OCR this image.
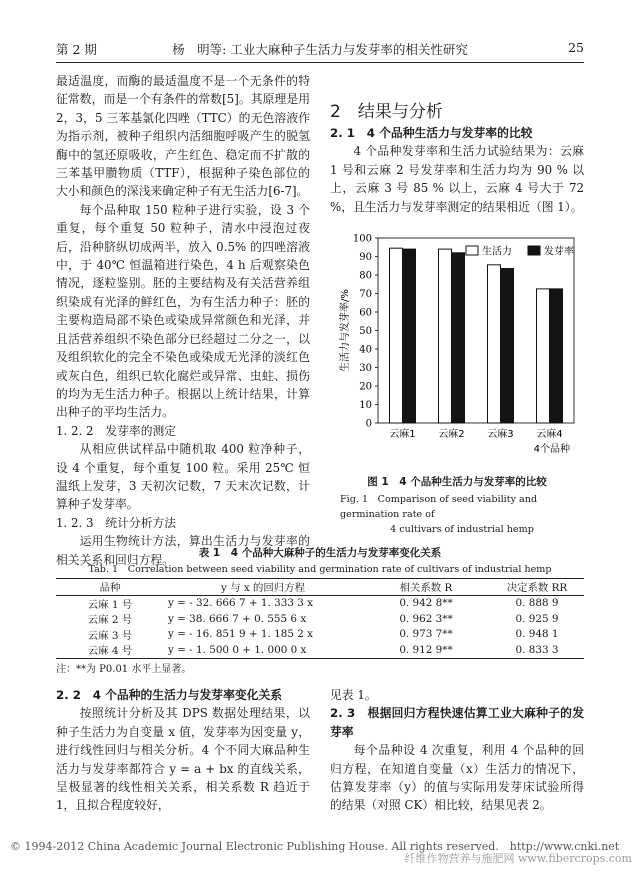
第 2 期	杨　明等: 工业大麻种子生活力与发芽率的相关性研究	25

最适温度，而酶的最适温度不是一个无条件的特征常数，而是一个有条件的常数[5]。其原理是用 2，3，5 三苯基氯化四唑（TTC）的无色溶液作为指示剂，被种子组织内活细胞呼吸产生的脱氢酶中的氢还原吸收，产生红色、稳定而不扩散的三苯基甲臜物质（TTF），根据种子染色部位的大小和颜色的深浅来确定种子有无生活力[6-7]。

每个品种取 150 粒种子进行实验，设 3 个重复，每个重复 50 粒种子，清水中浸泡过夜后，沿种脐纵切成两半，放入 0.5% 的四唑溶液中，于 40℃ 恒温箱进行染色，4 h 后观察染色情况，逐粒鉴别。胚的主要结构及有关活营养组织染成有光泽的鲜红色，为有生活力种子：胚的主要构造局部不染色或染成异常颜色和光泽，并且活营养组织不染色部分已经超过二分之一，以及组织软化的完全不染色或染成无光泽的淡红色或灰白色，组织已软化腐烂或异常、虫蛀、损伤的均为无生活力种子。根据以上统计结果，计算出种子的平均生活力。

1. 2. 2　发芽率的测定

从相应供试样品中随机取 400 粒净种子，设 4 个重复，每个重复 100 粒。采用 25℃ 恒温纸上发芽，3 天初次记数，7 天末次记数，计算种子发芽率。

1. 2. 3　统计分析方法

运用生物统计方法，算出生活力与发芽率的相关关系和回归方程。

2　结果与分析

2. 1　4 个品种生活力与发芽率的比较

4 个品种发芽率和生活力试验结果为：云麻 1 号和云麻 2 号发芽率和生活力均为 90 % 以上，云麻 3 号 85 % 以上，云麻 4 号大于 72 %，且生活力与发芽率测定的结果相近（图 1）。

0
10
20
30
40
50
60
70
80
90
100
生活力与发芽率/%
云麻1 云麻2 云麻3 云麻4
4个品种
生活力	发芽率
图 1　4 个品种生活力与发芽率的比较
Fig. 1　Comparison of seed viability and germination rate of
4 cultivars of industrial hemp
表 1　4 个品种大麻种子的生活力与发芽率变化关系
Tab. 1　Correlation between seed viability and germination rate of cultivars of industrial hemp
品种	y 与 x 的回归方程	相关系数 R	决定系数 RR
云麻 1 号	y = - 32. 666 7 + 1. 333 3 x	0. 942 8**	0. 888 9
云麻 2 号	y = 38. 666 7 + 0. 555 6 x	0. 962 3**	0. 925 9
云麻 3 号	y = - 16. 851 9 + 1. 185 2 x	0. 973 7**	0. 948 1
云麻 4 号	y = - 1. 500 0 + 1. 000 0 x	0. 912 9**	0. 833 3
注：**为 P0.01 水平上显著。

2. 2　4 个品种的生活力与发芽率变化关系

按照统计分析及其 DPS 数据处理结果，以种子生活力为自变量 x 值，发芽率为因变量 y，进行线性回归与相关分析。4 个不同大麻品种生活力与发芽率都符合 y = a + bx 的直线关系，呈极显著的线性相关关系，相关系数 R 趋近于 1，且拟合程度较好，

见表 1。

2. 3　根据回归方程快速估算工业大麻种子的发芽率

每个品种设 4 次重复，利用 4 个品种的回归方程，在知道自变量（x）生活力的情况下，估算发芽率（y）的值与实际用发芽床试验所得的结果（对照 CK）相比较，结果见表 2。

© 1994-2012 China Academic Journal Electronic Publishing House. All rights reserved.　http://www.cnki.net
纤维作物营养与施肥网 www.fibercrops.com
